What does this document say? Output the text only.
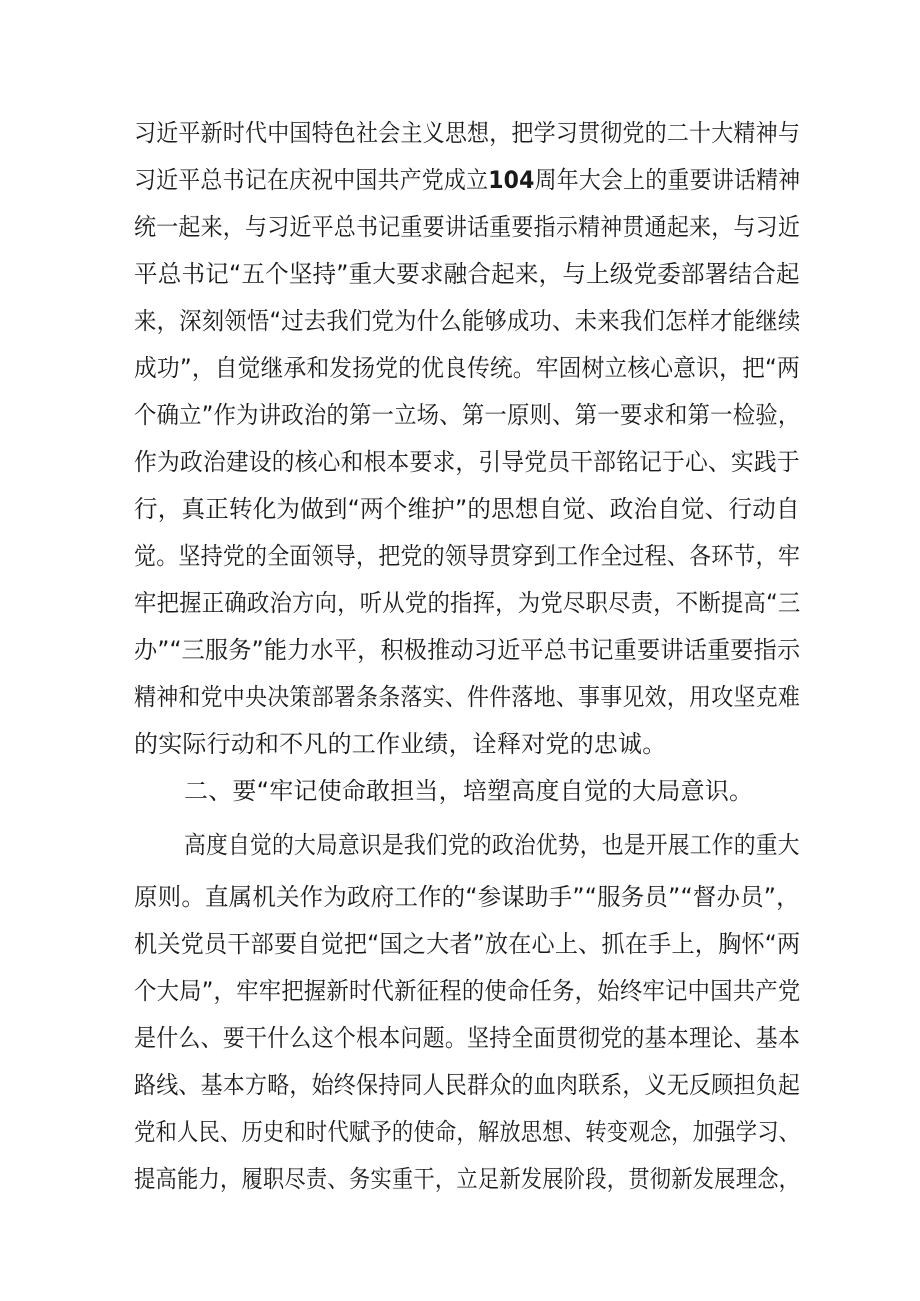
习近平新时代中国特色社会主义思想，把学习贯彻党的二十大精神与
习近平总书记在庆祝中国共产党成立104周年大会上的重要讲话精神
统一起来，与习近平总书记重要讲话重要指示精神贯通起来，与习近
平总书记“五个坚持”重大要求融合起来，与上级党委部署结合起
来，深刻领悟“过去我们党为什么能够成功、未来我们怎样才能继续
成功”，自觉继承和发扬党的优良传统。牢固树立核心意识，把“两
个确立”作为讲政治的第一立场、第一原则、第一要求和第一检验，
作为政治建设的核心和根本要求，引导党员干部铭记于心、实践于
行，真正转化为做到“两个维护”的思想自觉、政治自觉、行动自
觉。坚持党的全面领导，把党的领导贯穿到工作全过程、各环节，牢
牢把握正确政治方向，听从党的指挥，为党尽职尽责，不断提高“三
办”“三服务”能力水平，积极推动习近平总书记重要讲话重要指示
精神和党中央决策部署条条落实、件件落地、事事见效，用攻坚克难
的实际行动和不凡的工作业绩，诠释对党的忠诚。
二、要“牢记使命敢担当，培塑高度自觉的大局意识。
高度自觉的大局意识是我们党的政治优势，也是开展工作的重大
原则。直属机关作为政府工作的“参谋助手”“服务员”“督办员”，
机关党员干部要自觉把“国之大者”放在心上、抓在手上，胸怀“两
个大局”，牢牢把握新时代新征程的使命任务，始终牢记中国共产党
是什么、要干什么这个根本问题。坚持全面贯彻党的基本理论、基本
路线、基本方略，始终保持同人民群众的血肉联系，义无反顾担负起
党和人民、历史和时代赋予的使命，解放思想、转变观念，加强学习、
提高能力，履职尽责、务实重干，立足新发展阶段，贯彻新发展理念，
